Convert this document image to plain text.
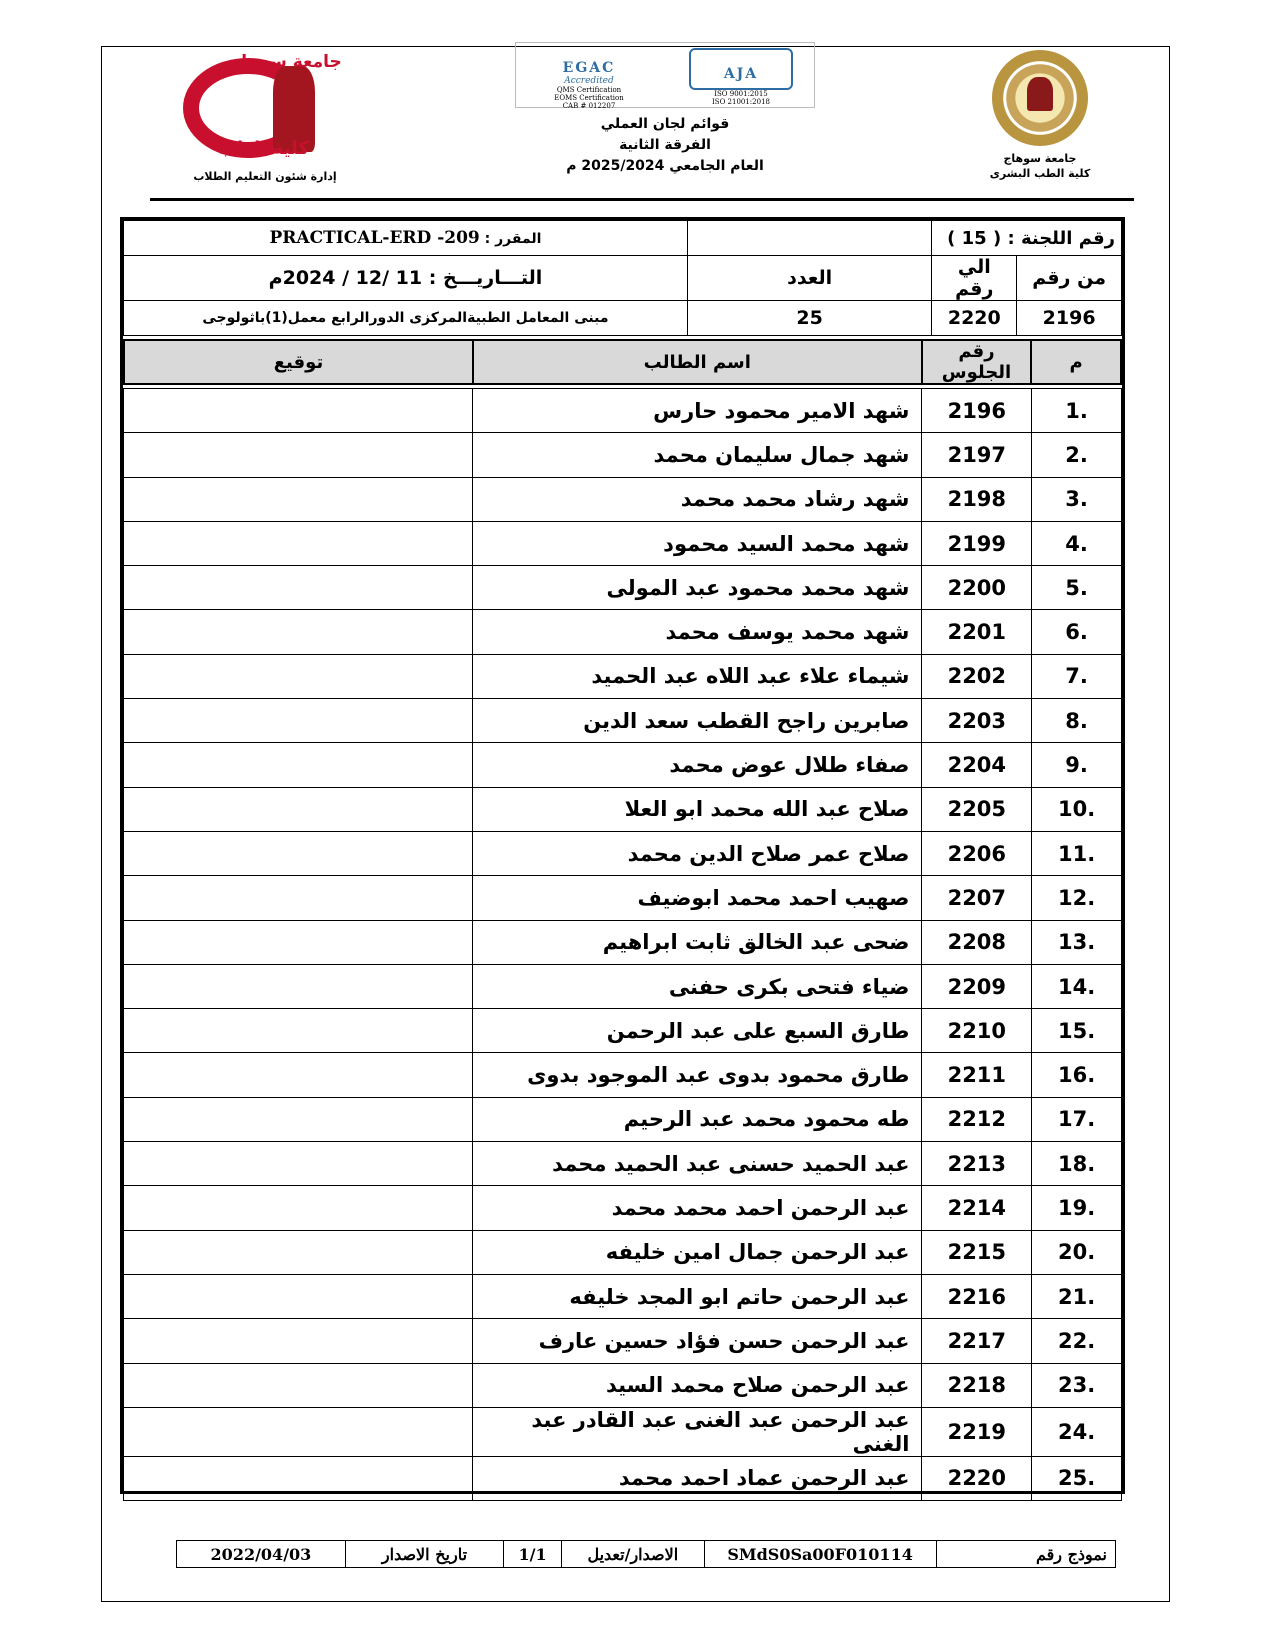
جامعة سوهاج
كلية الطب البشرى
EGAC
Accredited
QMS Certification
EOMS Certification
CAB # 012207
AJA
ISO 9001:2015
ISO 21001:2018
قوائم لجان العملي
الفرقة الثانية
العام الجامعي 2025/2024 م
جامعة سوهاج
كلية الطب
إدارة شئون التعليم الطلاب
رقم اللجنة : ( 15 )			المقرر : PRACTICAL-ERD -209
من رقم	الي رقم	العدد	التـــاريـــخ : 11 /12 / 2024م
2196	2220	25	مبنى المعامل الطبيةالمركزى الدورالرابع معمل(1)باثولوجى
م	رقم الجلوس	اسم الطالب	توقيع
1.	2196	شهد الامير محمود حارس	
2.	2197	شهد جمال سليمان محمد	
3.	2198	شهد رشاد محمد محمد	
4.	2199	شهد محمد السيد محمود	
5.	2200	شهد محمد محمود عبد المولى	
6.	2201	شهد محمد يوسف محمد	
7.	2202	شيماء علاء عبد اللاه عبد الحميد	
8.	2203	صابرين راجح القطب سعد الدين	
9.	2204	صفاء طلال عوض محمد	
10.	2205	صلاح عبد الله محمد ابو العلا	
11.	2206	صلاح عمر صلاح الدين محمد	
12.	2207	صهيب احمد محمد ابوضيف	
13.	2208	ضحى عبد الخالق ثابت ابراهيم	
14.	2209	ضياء فتحى بكرى حفنى	
15.	2210	طارق السبع على عبد الرحمن	
16.	2211	طارق محمود بدوى عبد الموجود بدوى	
17.	2212	طه محمود محمد عبد الرحيم	
18.	2213	عبد الحميد حسنى عبد الحميد محمد	
19.	2214	عبد الرحمن احمد محمد محمد	
20.	2215	عبد الرحمن جمال امين خليفه	
21.	2216	عبد الرحمن حاتم ابو المجد خليفه	
22.	2217	عبد الرحمن حسن فؤاد حسين عارف	
23.	2218	عبد الرحمن صلاح محمد السيد	
24.	2219	عبد الرحمن عبد الغنى عبد القادر عبد الغنى	
25.	2220	عبد الرحمن عماد احمد محمد	
نموذج رقم	SMdS0Sa00F010114	الاصدار/تعديل	1/1	تاريخ الاصدار	2022/04/03
